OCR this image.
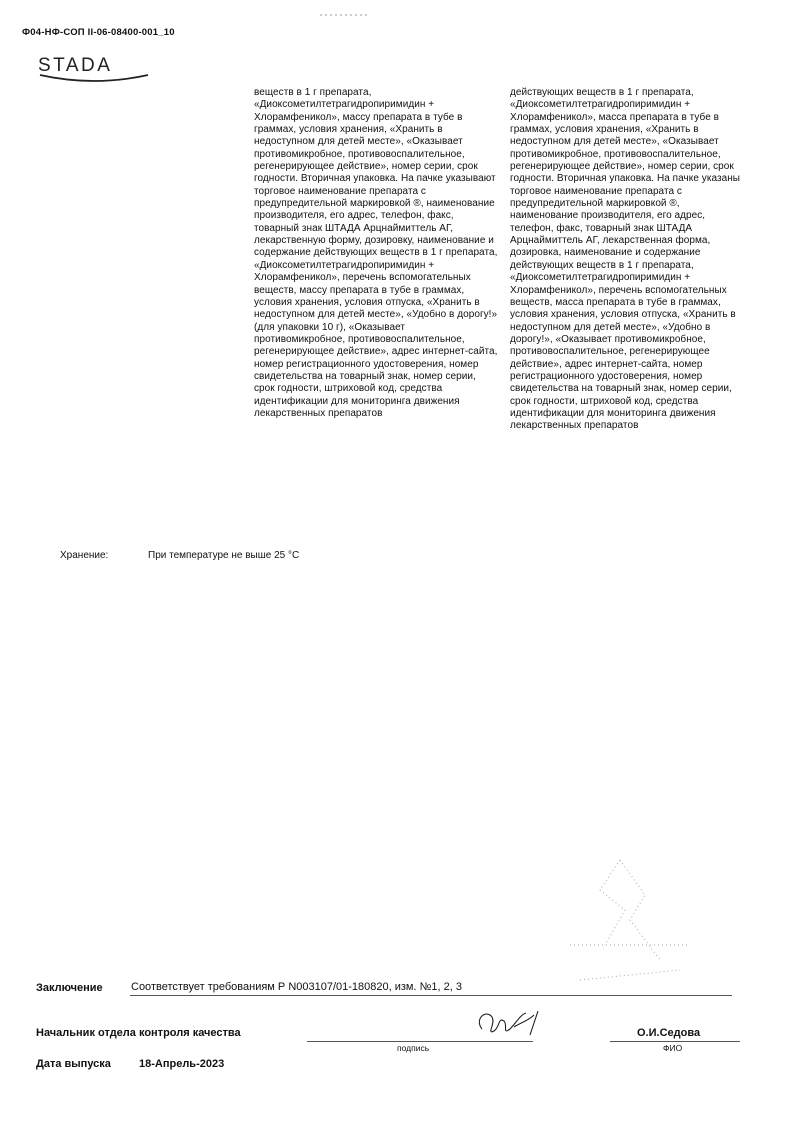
Ф04-НФ-СОП II-06-08400-001_10
STADA
веществ в 1 г препарата, «Диоксометилтетрагидропиримидин + Хлорамфеникол», массу препарата в тубе в граммах, условия хранения, «Хранить в недоступном для детей месте», «Оказывает противомикробное, противовоспалительное, регенерирующее действие», номер серии, срок годности. Вторичная упаковка. На пачке указывают торговое наименование препарата с предупредительной маркировкой ®, наименование производителя, его адрес, телефон, факс, товарный знак ШТАДА Арцнаймиттель АГ, лекарственную форму, дозировку, наименование и содержание действующих веществ в 1 г препарата, «Диоксометилтетрагидропиримидин + Хлорамфеникол», перечень вспомогательных веществ, массу препарата в тубе в граммах, условия хранения, условия отпуска, «Хранить в недоступном для детей месте», «Удобно в дорогу!» (для упаковки 10 г), «Оказывает противомикробное, противовоспалительное, регенерирующее действие», адрес интернет-сайта, номер регистрационного удостоверения, номер свидетельства на товарный знак, номер серии, срок годности, штриховой код, средства идентификации для мониторинга движения лекарственных препаратов
действующих веществ в 1 г препарата, «Диоксометилтетрагидропиримидин + Хлорамфеникол», масса препарата в тубе в граммах, условия хранения, «Хранить в недоступном для детей месте», «Оказывает противомикробное, противовоспалительное, регенерирующее действие», номер серии, срок годности. Вторичная упаковка. На пачке указаны торговое наименование препарата с предупредительной маркировкой ®, наименование производителя, его адрес, телефон, факс, товарный знак ШТАДА Арцнаймиттель АГ, лекарственная форма, дозировка, наименование и содержание действующих веществ в 1 г препарата, «Диоксометилтетрагидропиримидин + Хлорамфеникол», перечень вспомогательных веществ, масса препарата в тубе в граммах, условия хранения, условия отпуска, «Хранить в недоступном для детей месте», «Удобно в дорогу!», «Оказывает противомикробное, противовоспалительное, регенерирующее действие», адрес интернет-сайта, номер регистрационного удостоверения, номер свидетельства на товарный знак, номер серии, срок годности, штриховой код, средства идентификации для мониторинга движения лекарственных препаратов
Хранение:	При температуре не выше 25 °С
Заключение	Соответствует требованиям Р N003107/01-180820, изм. №1, 2, 3
Начальник отдела контроля качества
подпись
О.И.Седова
ФИО
Дата выпуска	18-Апрель-2023
